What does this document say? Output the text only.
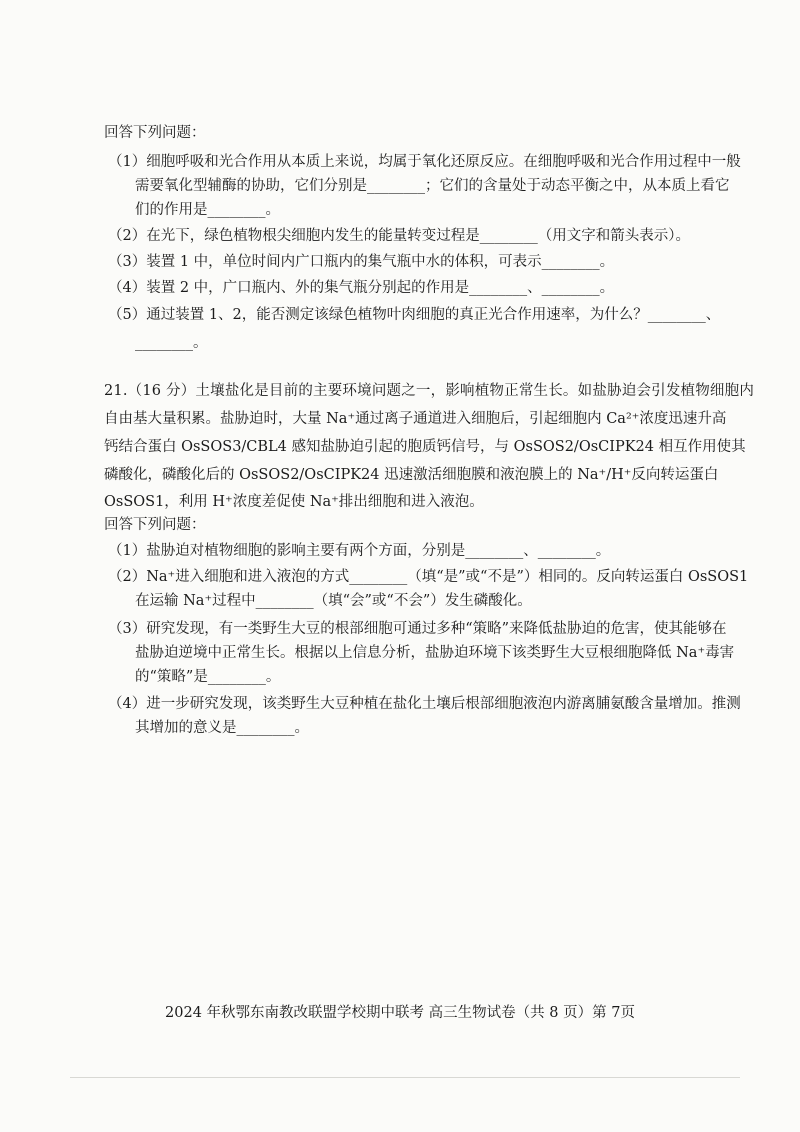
回答下列问题：
（1）细胞呼吸和光合作用从本质上来说，均属于氧化还原反应。在细胞呼吸和光合作用过程中一般
需要氧化型辅酶的协助，它们分别是________；它们的含量处于动态平衡之中，从本质上看它
们的作用是________。
（2）在光下，绿色植物根尖细胞内发生的能量转变过程是________（用文字和箭头表示）。
（3）装置 1 中，单位时间内广口瓶内的集气瓶中水的体积，可表示________。
（4）装置 2 中，广口瓶内、外的集气瓶分别起的作用是________、________。
（5）通过装置 1、2，能否测定该绿色植物叶肉细胞的真正光合作用速率，为什么？________、
________。
21.（16 分）土壤盐化是目前的主要环境问题之一，影响植物正常生长。如盐胁迫会引发植物细胞内
自由基大量积累。盐胁迫时，大量 Na⁺通过离子通道进入细胞后，引起细胞内 Ca²⁺浓度迅速升高
钙结合蛋白 OsSOS3/CBL4 感知盐胁迫引起的胞质钙信号，与 OsSOS2/OsCIPK24 相互作用使其
磷酸化，磷酸化后的 OsSOS2/OsCIPK24 迅速激活细胞膜和液泡膜上的 Na⁺/H⁺反向转运蛋白
OsSOS1，利用 H⁺浓度差促使 Na⁺排出细胞和进入液泡。
回答下列问题：
（1）盐胁迫对植物细胞的影响主要有两个方面，分别是________、________。
（2）Na⁺进入细胞和进入液泡的方式________（填“是”或“不是”）相同的。反向转运蛋白 OsSOS1
在运输 Na⁺过程中________（填“会”或“不会”）发生磷酸化。
（3）研究发现，有一类野生大豆的根部细胞可通过多种“策略”来降低盐胁迫的危害，使其能够在
盐胁迫逆境中正常生长。根据以上信息分析，盐胁迫环境下该类野生大豆根细胞降低 Na⁺毒害
的“策略”是________。
（4）进一步研究发现，该类野生大豆种植在盐化土壤后根部细胞液泡内游离脯氨酸含量增加。推测
其增加的意义是________。
2024 年秋鄂东南教改联盟学校期中联考 高三生物试卷（共 8 页）第 7页
